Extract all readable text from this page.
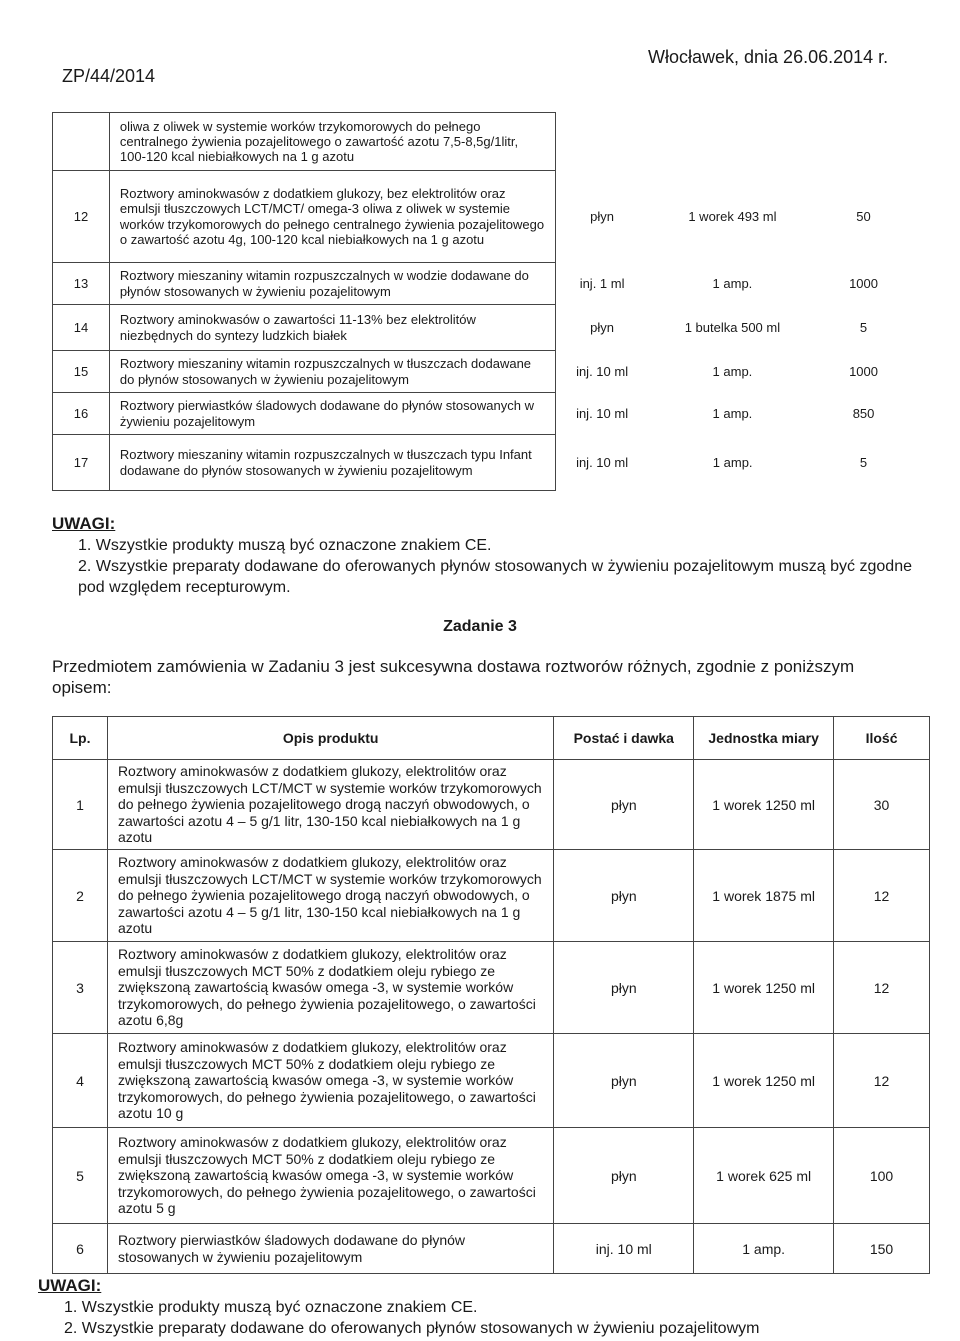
ZP/44/2014
Włocławek, dnia 26.06.2014 r.
	oliwa z oliwek w systemie worków trzykomorowych do pełnego centralnego żywienia pozajelitowego o zawartość azotu 7,5-8,5g/1litr, 100-120 kcal niebiałkowych na 1 g azotu			
12	Roztwory aminokwasów z dodatkiem glukozy, bez elektrolitów oraz emulsji tłuszczowych LCT/MCT/ omega-3 oliwa z oliwek w systemie worków trzykomorowych do pełnego centralnego żywienia pozajelitowego o zawartość azotu 4g, 100-120 kcal niebiałkowych na 1 g azotu	płyn	1 worek 493 ml	50
13	Roztwory mieszaniny witamin rozpuszczalnych w wodzie dodawane do płynów stosowanych w żywieniu pozajelitowym	inj. 1 ml	1 amp.	1000
14	Roztwory aminokwasów o zawartości 11-13% bez elektrolitów niezbędnych do syntezy ludzkich białek	płyn	1 butelka 500 ml	5
15	Roztwory mieszaniny witamin rozpuszczalnych w tłuszczach dodawane do płynów stosowanych w żywieniu pozajelitowym	inj. 10 ml	1 amp.	1000
16	Roztwory pierwiastków śladowych dodawane do płynów stosowanych w żywieniu pozajelitowym	inj. 10 ml	1 amp.	850
17	Roztwory mieszaniny witamin rozpuszczalnych w tłuszczach typu Infant dodawane do płynów stosowanych w żywieniu pozajelitowym	inj. 10 ml	1 amp.	5
UWAGI:
1. Wszystkie produkty muszą być oznaczone znakiem CE.
2. Wszystkie preparaty dodawane do oferowanych płynów stosowanych w żywieniu pozajelitowym muszą być zgodne pod względem recepturowym.
Zadanie 3
Przedmiotem zamówienia w Zadaniu 3 jest sukcesywna dostawa roztworów różnych, zgodnie z poniższym opisem:
Lp.	Opis produktu	Postać i dawka	Jednostka miary	Ilość
1	Roztwory aminokwasów z dodatkiem glukozy, elektrolitów oraz emulsji tłuszczowych LCT/MCT w systemie worków trzykomorowych do pełnego żywienia pozajelitowego drogą naczyń obwodowych, o zawartości azotu 4 – 5 g/1 litr, 130-150 kcal niebiałkowych na 1 g azotu	płyn	1 worek 1250 ml	30
2	Roztwory aminokwasów z dodatkiem glukozy, elektrolitów oraz emulsji tłuszczowych LCT/MCT w systemie worków trzykomorowych do pełnego żywienia pozajelitowego drogą naczyń obwodowych, o zawartości azotu 4 – 5 g/1 litr, 130-150 kcal niebiałkowych na 1 g azotu	płyn	1 worek 1875 ml	12
3	Roztwory aminokwasów z dodatkiem glukozy, elektrolitów oraz emulsji tłuszczowych MCT 50% z dodatkiem oleju rybiego ze zwiększoną zawartością kwasów omega -3, w systemie worków trzykomorowych, do pełnego żywienia pozajelitowego, o zawartości azotu 6,8g	płyn	1 worek 1250 ml	12
4	Roztwory aminokwasów z dodatkiem glukozy, elektrolitów oraz emulsji tłuszczowych MCT 50% z dodatkiem oleju rybiego ze zwiększoną zawartością kwasów omega -3, w systemie worków trzykomorowych, do pełnego żywienia pozajelitowego, o zawartości azotu 10 g	płyn	1 worek 1250 ml	12
5	Roztwory aminokwasów z dodatkiem glukozy, elektrolitów oraz emulsji tłuszczowych MCT 50% z dodatkiem oleju rybiego ze zwiększoną zawartością kwasów omega -3, w systemie worków trzykomorowych, do pełnego żywienia pozajelitowego, o zawartości azotu 5 g	płyn	1 worek 625 ml	100
6	Roztwory pierwiastków śladowych dodawane do płynów stosowanych w żywieniu pozajelitowym	inj. 10 ml	1 amp.	150
UWAGI:
1. Wszystkie produkty muszą być oznaczone znakiem CE.
2. Wszystkie preparaty dodawane do oferowanych płynów stosowanych w żywieniu pozajelitowym
